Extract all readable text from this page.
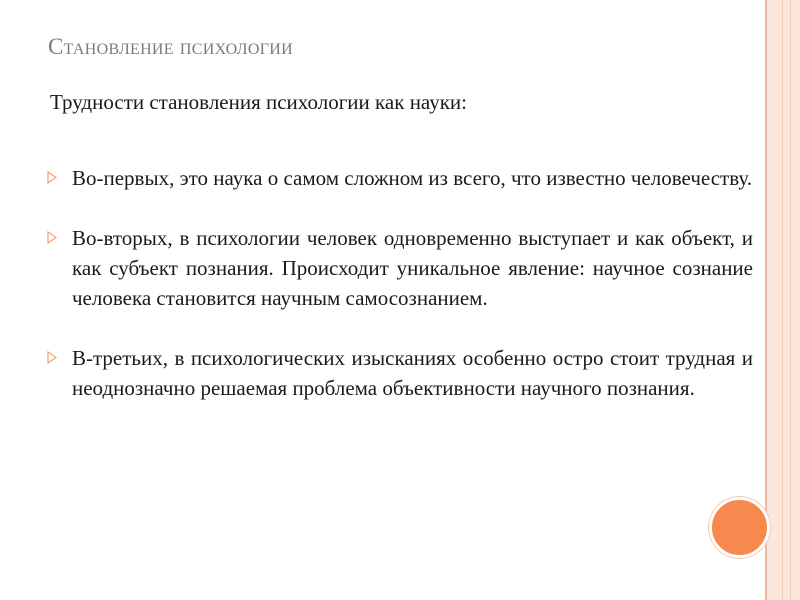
Становление психологии
Трудности становления психологии как науки:
Во-первых, это наука о самом сложном из всего, что известно человечеству.
Во-вторых, в психологии человек одновременно выступает и как объект, и как субъект познания. Происходит уникальное явление: научное сознание человека становится научным самосознанием.
В-третьих, в психологических изысканиях особенно остро стоит трудная и неоднозначно решаемая проблема объективности научного познания.
